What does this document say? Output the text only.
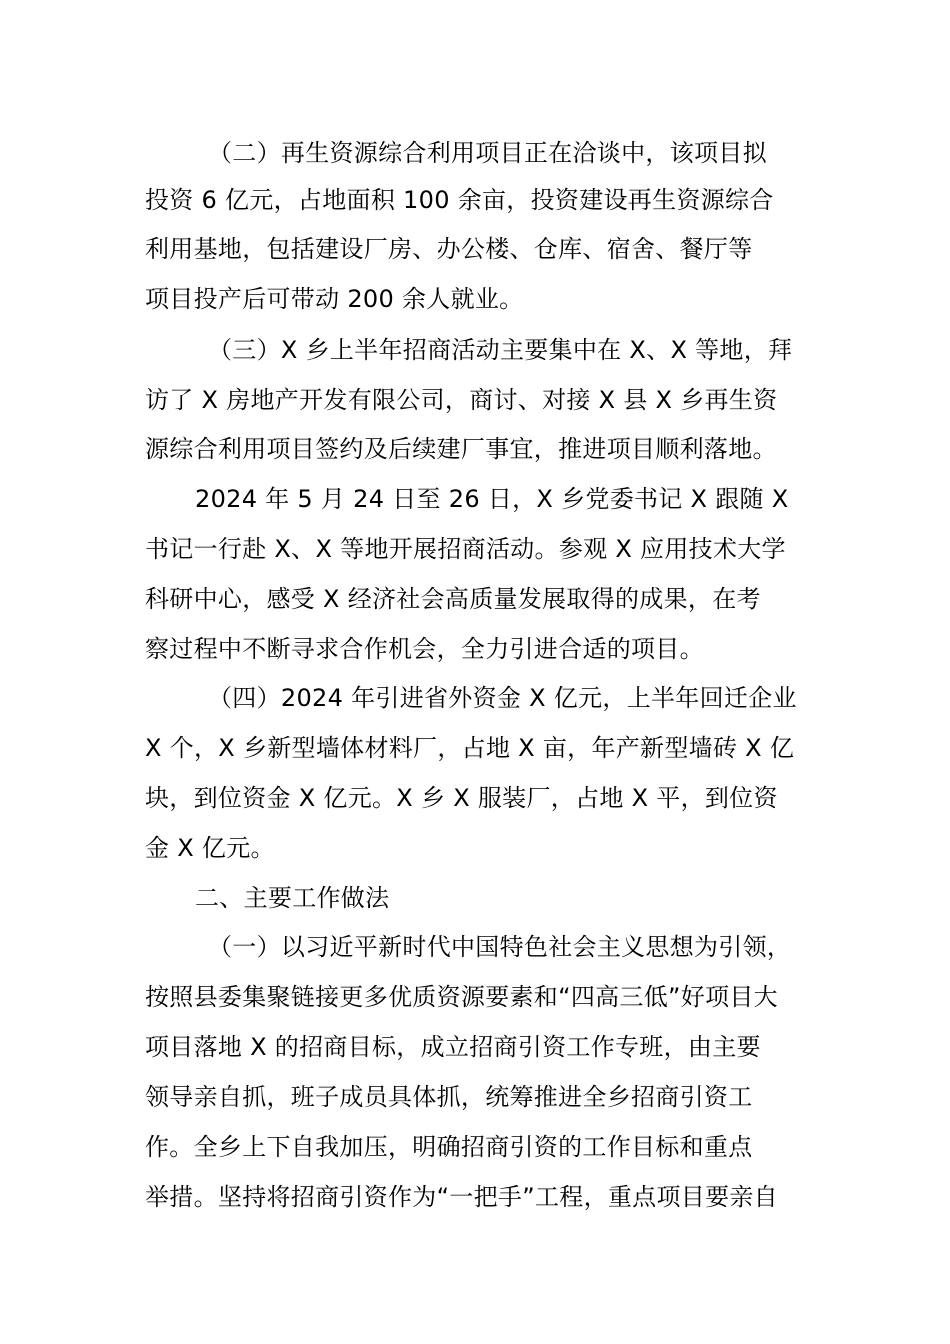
（二）再生资源综合利用项目正在洽谈中，该项目拟
投资 6 亿元，占地面积 100 余亩，投资建设再生资源综合
利用基地，包括建设厂房、办公楼、仓库、宿舍、餐厅等
项目投产后可带动 200 余人就业。
（三）X 乡上半年招商活动主要集中在 X、X 等地，拜
访了 X 房地产开发有限公司，商讨、对接 X 县 X 乡再生资
源综合利用项目签约及后续建厂事宜，推进项目顺利落地。
2024 年 5 月 24 日至 26 日，X 乡党委书记 X 跟随 X
书记一行赴 X、X 等地开展招商活动。参观 X 应用技术大学
科研中心，感受 X 经济社会高质量发展取得的成果，在考
察过程中不断寻求合作机会，全力引进合适的项目。
（四）2024 年引进省外资金 X 亿元，上半年回迁企业
X 个，X 乡新型墙体材料厂，占地 X 亩，年产新型墙砖 X 亿
块，到位资金 X 亿元。X 乡 X 服装厂，占地 X 平，到位资
金 X 亿元。
二、主要工作做法
（一）以习近平新时代中国特色社会主义思想为引领，
按照县委集聚链接更多优质资源要素和“四高三低”好项目大
项目落地 X 的招商目标，成立招商引资工作专班，由主要
领导亲自抓，班子成员具体抓，统筹推进全乡招商引资工
作。全乡上下自我加压，明确招商引资的工作目标和重点
举措。坚持将招商引资作为“一把手”工程，重点项目要亲自
